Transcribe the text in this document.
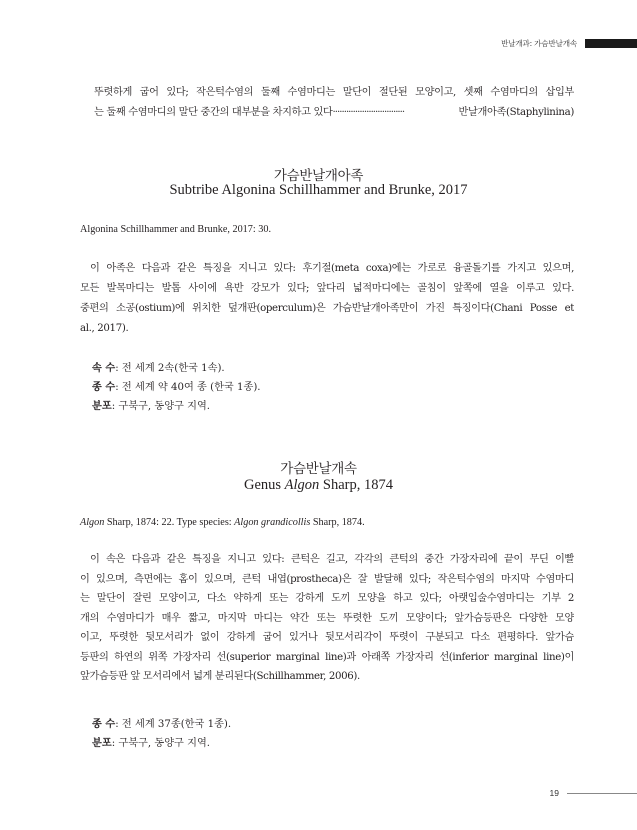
반날개과: 가슴반날개속
뚜렷하게 굽어 있다; 작은턱수염의 둘째 수염마디는 말단이 절단된 모양이고, 셋째 수염마디의 삽입부
는 둘째 수염마디의 말단 중간의 대부분을 차지하고 있다 ································	반날개아족(Staphylinina)
가슴반날개아족
Subtribe Algonina Schillhammer and Brunke, 2017
Algonina Schillhammer and Brunke, 2017: 30.
이 아족은 다음과 같은 특징을 지니고 있다: 후기절(meta coxa)에는 가로로 융골돌기를 가지고 있으며,
모든 발목마디는 발톱 사이에 욕반 강모가 있다; 앞다리 넓적마디에는 골침이 앞쪽에 열을 이루고 있다.
중편의 소공(ostium)에 위치한 덮개판(operculum)은 가슴반날개아족만이 가진 특징이다(Chani Posse et
al., 2017).
속 수: 전 세계 2속(한국 1속).
종 수: 전 세계 약 40여 종 (한국 1종).
분포: 구북구, 동양구 지역.
가슴반날개속
Genus Algon Sharp, 1874
Algon Sharp, 1874: 22. Type species: Algon grandicollis Sharp, 1874.
이 속은 다음과 같은 특징을 지니고 있다: 큰턱은 길고, 각각의 큰턱의 중간 가장자리에 끝이 무딘 이빨
이 있으며, 측면에는 홈이 있으며, 큰턱 내엽(prostheca)은 잘 발달해 있다; 작은턱수염의 마지막 수염마디
는 말단이 잘린 모양이고, 다소 약하게 또는 강하게 도끼 모양을 하고 있다; 아랫입술수염마디는 기부 2
개의 수염마디가 매우 짧고, 마지막 마디는 약간 또는 뚜렷한 도끼 모양이다; 앞가슴등판은 다양한 모양
이고, 뚜렷한 뒷모서리가 없이 강하게 굽어 있거나 뒷모서리각이 뚜렷이 구분되고 다소 편평하다. 앞가슴
등판의 하연의 위쪽 가장자리 선(superior marginal line)과 아래쪽 가장자리 선(inferior marginal line)이
앞가슴등판 앞 모서리에서 넓게 분리된다(Schillhammer, 2006).
종 수: 전 세계 37종(한국 1종).
분포: 구북구, 동양구 지역.
19
